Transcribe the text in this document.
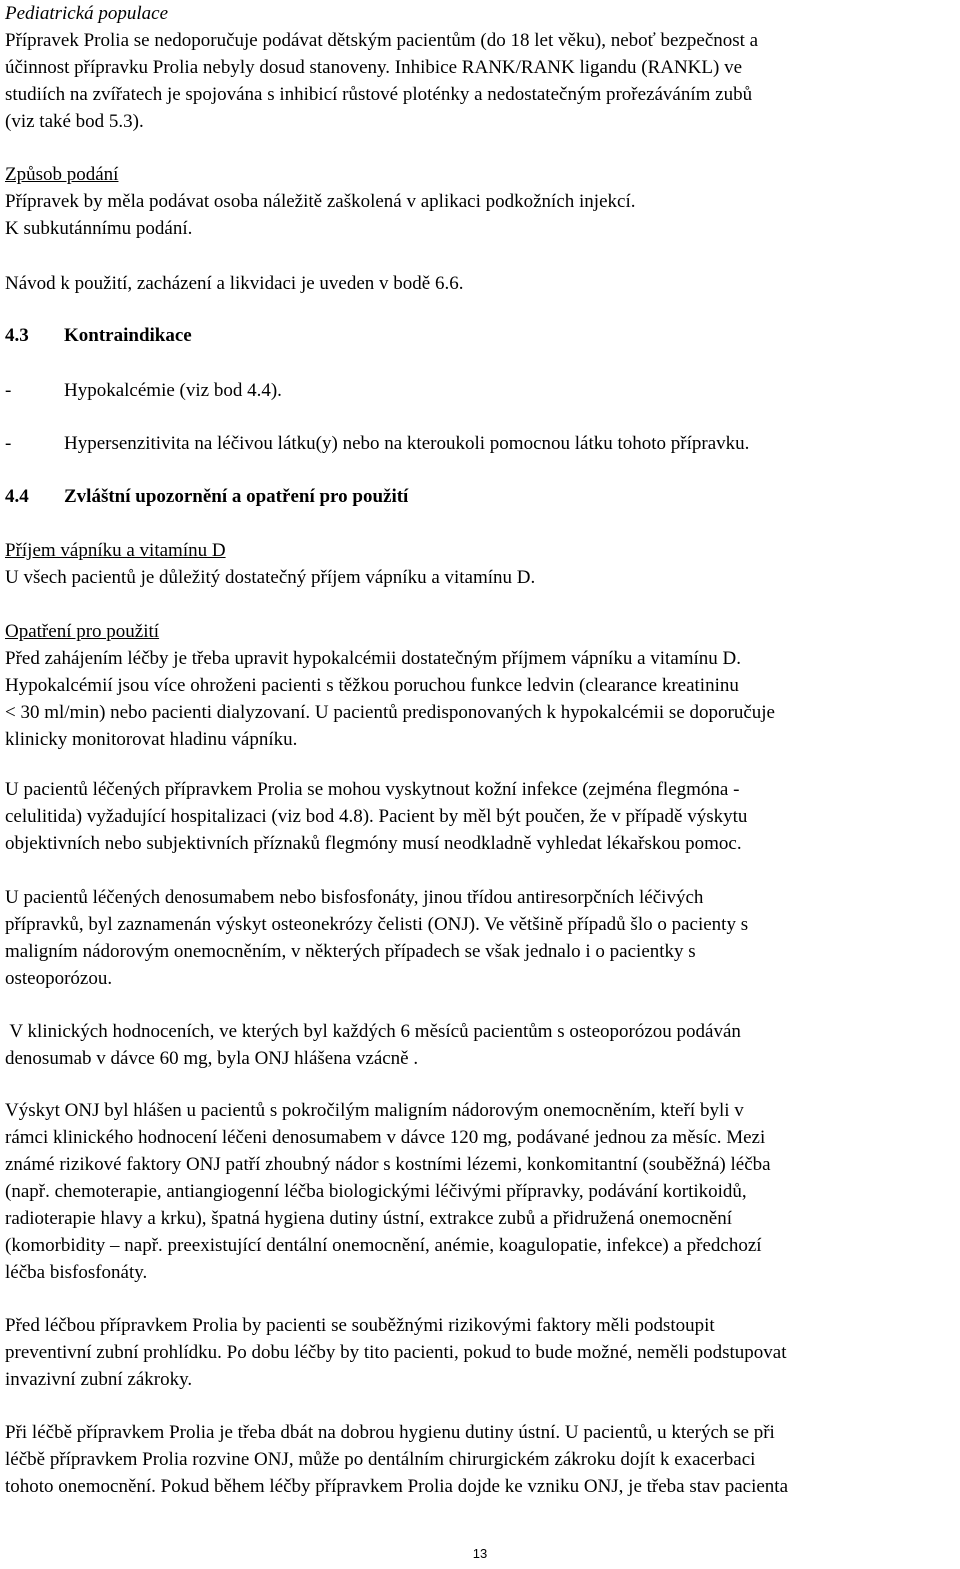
Pediatrická populace

Přípravek Prolia se nedoporučuje podávat dětským pacientům (do 18 let věku), neboť bezpečnost a

účinnost přípravku Prolia nebyly dosud stanoveny. Inhibice RANK/RANK ligandu (RANKL) ve

studiích na zvířatech je spojována s inhibicí růstové ploténky a nedostatečným prořezáváním zubů

(viz také bod 5.3).

Způsob podání

Přípravek by měla podávat osoba náležitě zaškolená v aplikaci podkožních injekcí.

K subkutánnímu podání.

Návod k použití, zacházení a likvidaci je uveden v bodě 6.6.

4.3 Kontraindikace

-	Hypokalcémie (viz bod 4.4).
-	Hypersenzitivita na léčivou látku(y) nebo na kteroukoli pomocnou látku tohoto přípravku.

4.4 Zvláštní upozornění a opatření pro použití

Příjem vápníku a vitamínu D

U všech pacientů je důležitý dostatečný příjem vápníku a vitamínu D.

Opatření pro použití

Před zahájením léčby je třeba upravit hypokalcémii dostatečným příjmem vápníku a vitamínu D.

Hypokalcémií jsou více ohroženi pacienti s těžkou poruchou funkce ledvin (clearance kreatininu

< 30 ml/min) nebo pacienti dialyzovaní. U pacientů predisponovaných k hypokalcémii se doporučuje

klinicky monitorovat hladinu vápníku.

U pacientů léčených přípravkem Prolia se mohou vyskytnout kožní infekce (zejména flegmóna -

celulitida) vyžadující hospitalizaci (viz bod 4.8). Pacient by měl být poučen, že v případě výskytu

objektivních nebo subjektivních příznaků flegmóny musí neodkladně vyhledat lékařskou pomoc.

U pacientů léčených denosumabem nebo bisfosfonáty, jinou třídou antiresorpčních léčivých

přípravků, byl zaznamenán výskyt osteonekrózy čelisti (ONJ). Ve většině případů šlo o pacienty s

maligním nádorovým onemocněním, v některých případech se však jednalo i o pacientky s

osteoporózou.

V klinických hodnoceních, ve kterých byl každých 6 měsíců pacientům s osteoporózou podáván

denosumab v dávce 60 mg, byla ONJ hlášena vzácně .

Výskyt ONJ byl hlášen u pacientů s pokročilým maligním nádorovým onemocněním, kteří byli v

rámci klinického hodnocení léčeni denosumabem v dávce 120 mg, podávané jednou za měsíc. Mezi

známé rizikové faktory ONJ patří zhoubný nádor s kostními lézemi, konkomitantní (souběžná) léčba

(např. chemoterapie, antiangiogenní léčba biologickými léčivými přípravky, podávání kortikoidů,

radioterapie hlavy a krku), špatná hygiena dutiny ústní, extrakce zubů a přidružená onemocnění

(komorbidity – např. preexistující dentální onemocnění, anémie, koagulopatie, infekce) a předchozí

léčba bisfosfonáty.

Před léčbou přípravkem Prolia by pacienti se souběžnými rizikovými faktory měli podstoupit

preventivní zubní prohlídku. Po dobu léčby by tito pacienti, pokud to bude možné, neměli podstupovat

invazivní zubní zákroky.

Při léčbě přípravkem Prolia je třeba dbát na dobrou hygienu dutiny ústní. U pacientů, u kterých se při

léčbě přípravkem Prolia rozvine ONJ, může po dentálním chirurgickém zákroku dojít k exacerbaci

tohoto onemocnění. Pokud během léčby přípravkem Prolia dojde ke vzniku ONJ, je třeba stav pacienta

13
